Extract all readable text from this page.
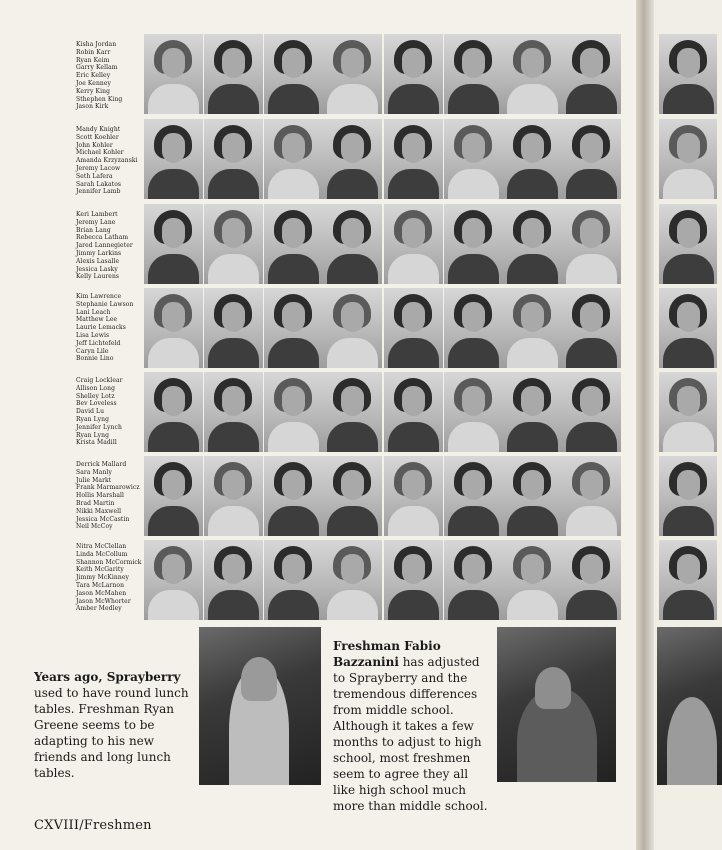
Kisha Jordan
Robin Karr
Ryan Keim
Garry Kellam
Eric Kelley
Joe Kenney
Kerry King
Sthephen King
Jason Kirk
Mandy Knight
Scott Koehler
John Kohler
Michael Kohler
Amanda Krzyzanski
Jeremy Lacow
Seth Lafera
Sarah Lakatos
Jennifer Lamb
Keri Lambert
Jeremy Lane
Brian Lang
Rebecca Latham
Jared Lannegieter
Jimmy Larkins
Alexis Lasalle
Jessica Lasky
Kelly Laurens
Kim Lawrence
Stephanie Lawson
Lani Leach
Matthew Lee
Laurie Lemacks
Lisa Lewis
Jeff Lichtefeld
Caryn Lile
Bonnie Lino
Craig Locklear
Allison Long
Shelley Lotz
Bev Loveless
David Lu
Ryan Lyng
Jennifer Lynch
Ryan Lyng
Krista Madill
Derrick Mallard
Sara Manly
Julie Markt
Frank Marmarowicz
Hollis Marshall
Brad Martin
Nikki Maxwell
Jessica McCastin
Neil McCoy
Nitra McClellan
Linda McCollum
Shannon McCormick
Keith McGarity
Jimmy McKinney
Tara McLarnon
Jason McMahen
Jason McWhorter
Amber Medley
Years ago, Sprayberry used to have round lunch tables. Freshman Ryan Greene seems to be adapting to his new friends and long lunch tables.
Freshman Fabio Bazzanini has adjusted to Sprayberry and the tremendous differences from middle school. Although it takes a few months to adjust to high school, most freshmen seem to agree they all like high school much more than middle school.
CXVIII/Freshmen
